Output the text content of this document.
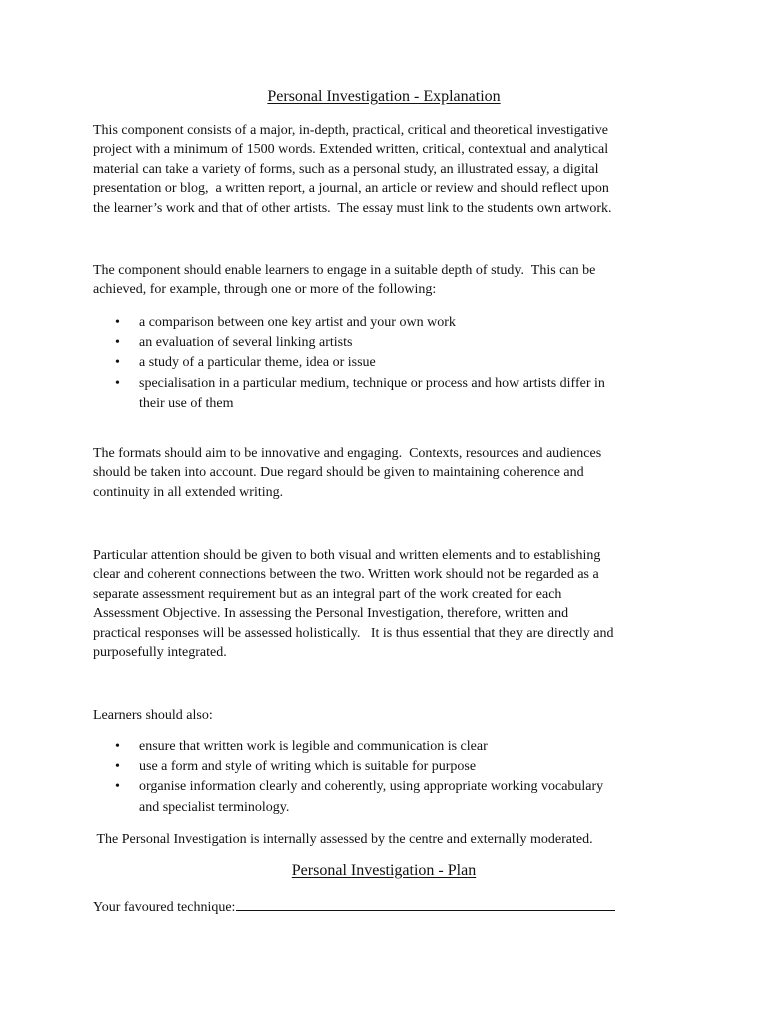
Personal Investigation - Explanation

This component consists of a major, in-depth, practical, critical and theoretical investigative
project with a minimum of 1500 words. Extended written, critical, contextual and analytical
material can take a variety of forms, such as a personal study, an illustrated essay, a digital
presentation or blog,  a written report, a journal, an article or review and should reflect upon
the learner’s work and that of other artists.  The essay must link to the students own artwork.

The component should enable learners to engage in a suitable depth of study.  This can be
achieved, for example, through one or more of the following:

• a comparison between one key artist and your own work
• an evaluation of several linking artists
• a study of a particular theme, idea or issue
• specialisation in a particular medium, technique or process and how artists differ in
their use of them

The formats should aim to be innovative and engaging.  Contexts, resources and audiences
should be taken into account. Due regard should be given to maintaining coherence and
continuity in all extended writing.

Particular attention should be given to both visual and written elements and to establishing
clear and coherent connections between the two. Written work should not be regarded as a
separate assessment requirement but as an integral part of the work created for each
Assessment Objective. In assessing the Personal Investigation, therefore, written and
practical responses will be assessed holistically.   It is thus essential that they are directly and
purposefully integrated.

Learners should also:

• ensure that written work is legible and communication is clear
• use a form and style of writing which is suitable for purpose
• organise information clearly and coherently, using appropriate working vocabulary
and specialist terminology.

The Personal Investigation is internally assessed by the centre and externally moderated.

Personal Investigation - Plan
Your favoured technique:
